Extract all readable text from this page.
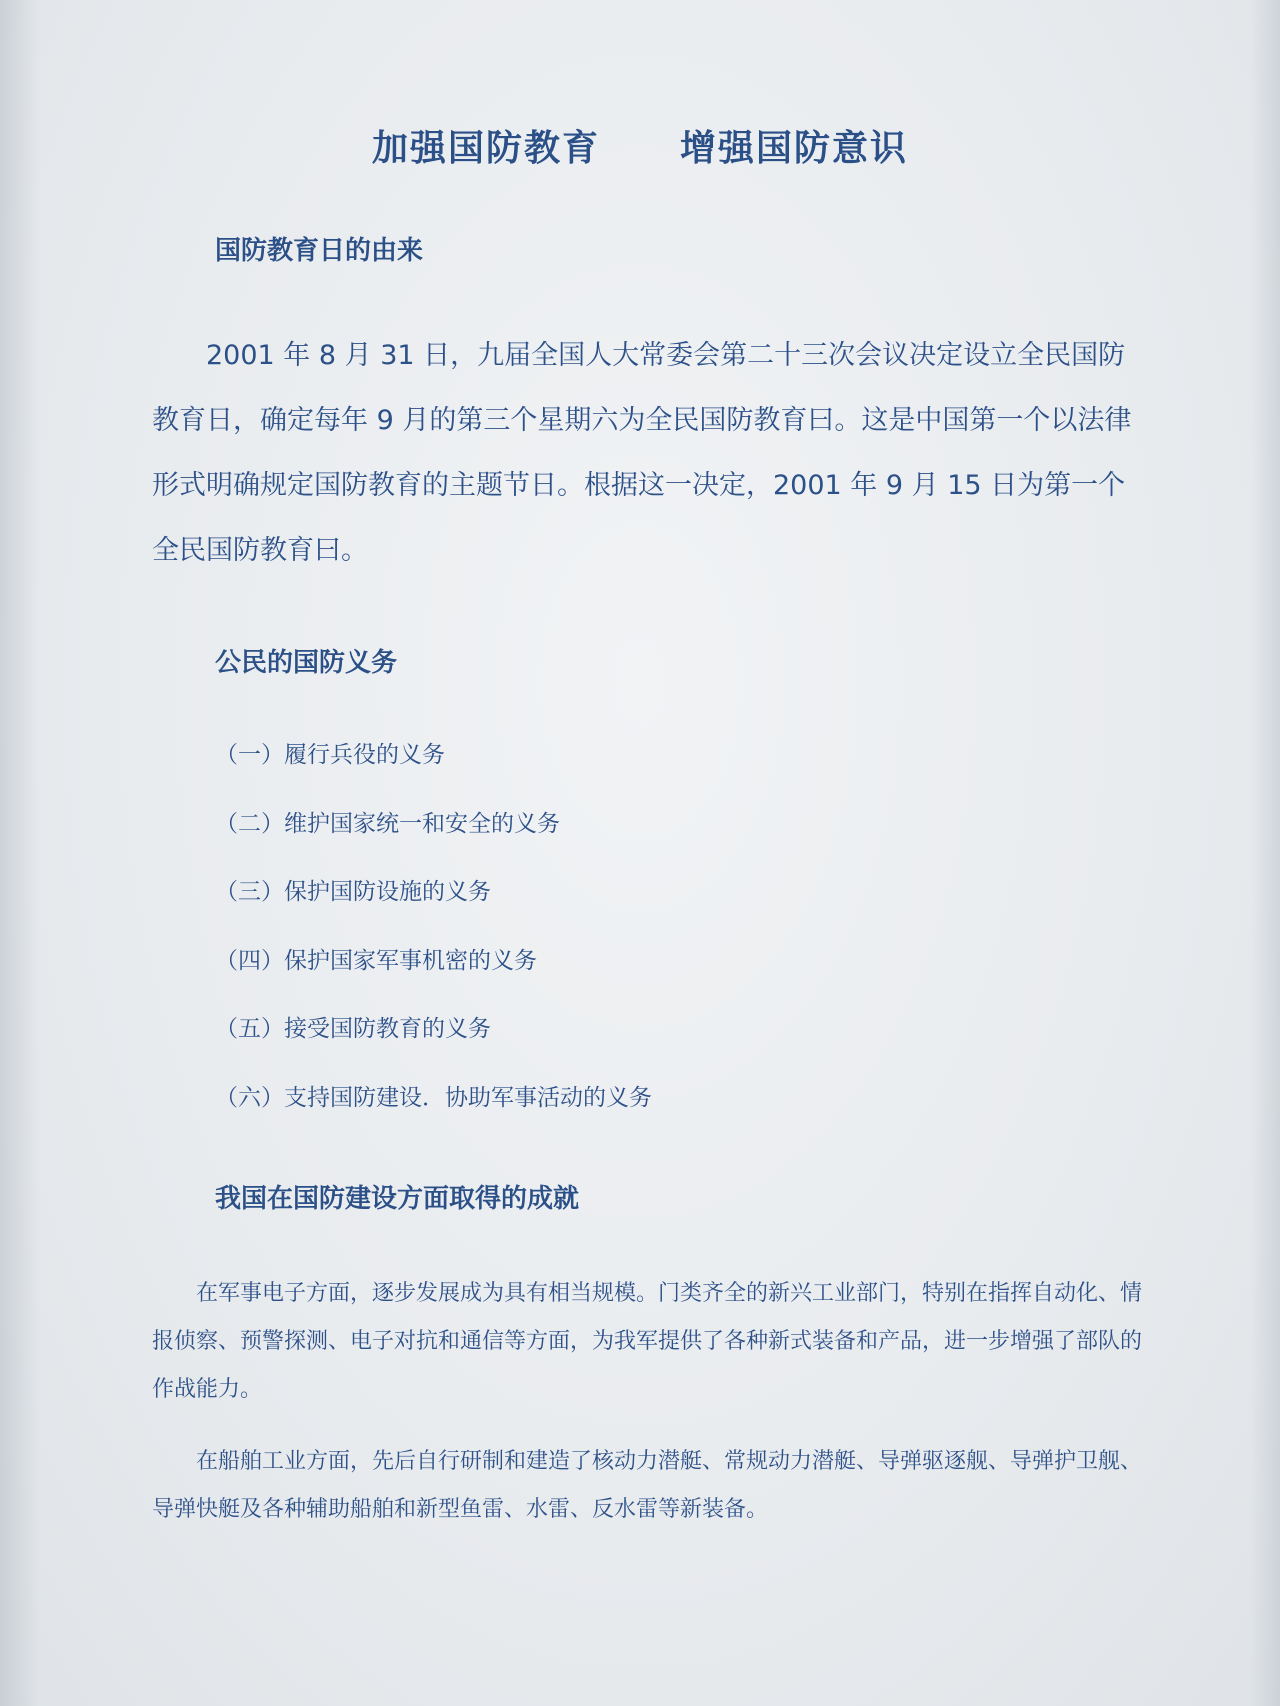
加强国防教育 增强国防意识
国防教育日的由来

2001 年 8 月 31 日，九届全国人大常委会第二十三次会议决定设立全民国防教育日，确定每年 9 月的第三个星期六为全民国防教育曰。这是中国第一个以法律形式明确规定国防教育的主题节日。根据这一决定，2001 年 9 月 15 日为第一个全民国防教育曰。

公民的国防义务
（一）履行兵役的义务
（二）维护国家统一和安全的义务
（三）保护国防设施的义务
（四）保护国家军事机密的义务
（五）接受国防教育的义务
（六）支持国防建设．协助军事活动的义务
我国在国防建设方面取得的成就

在军事电子方面，逐步发展成为具有相当规模。门类齐全的新兴工业部门，特别在指挥自动化、情报侦察、预警探测、电子对抗和通信等方面，为我军提供了各种新式装备和产品，进一步增强了部队的作战能力。

在船舶工业方面，先后自行研制和建造了核动力潜艇、常规动力潜艇、导弹驱逐舰、导弹护卫舰、导弹快艇及各种辅助船舶和新型鱼雷、水雷、反水雷等新装备。
